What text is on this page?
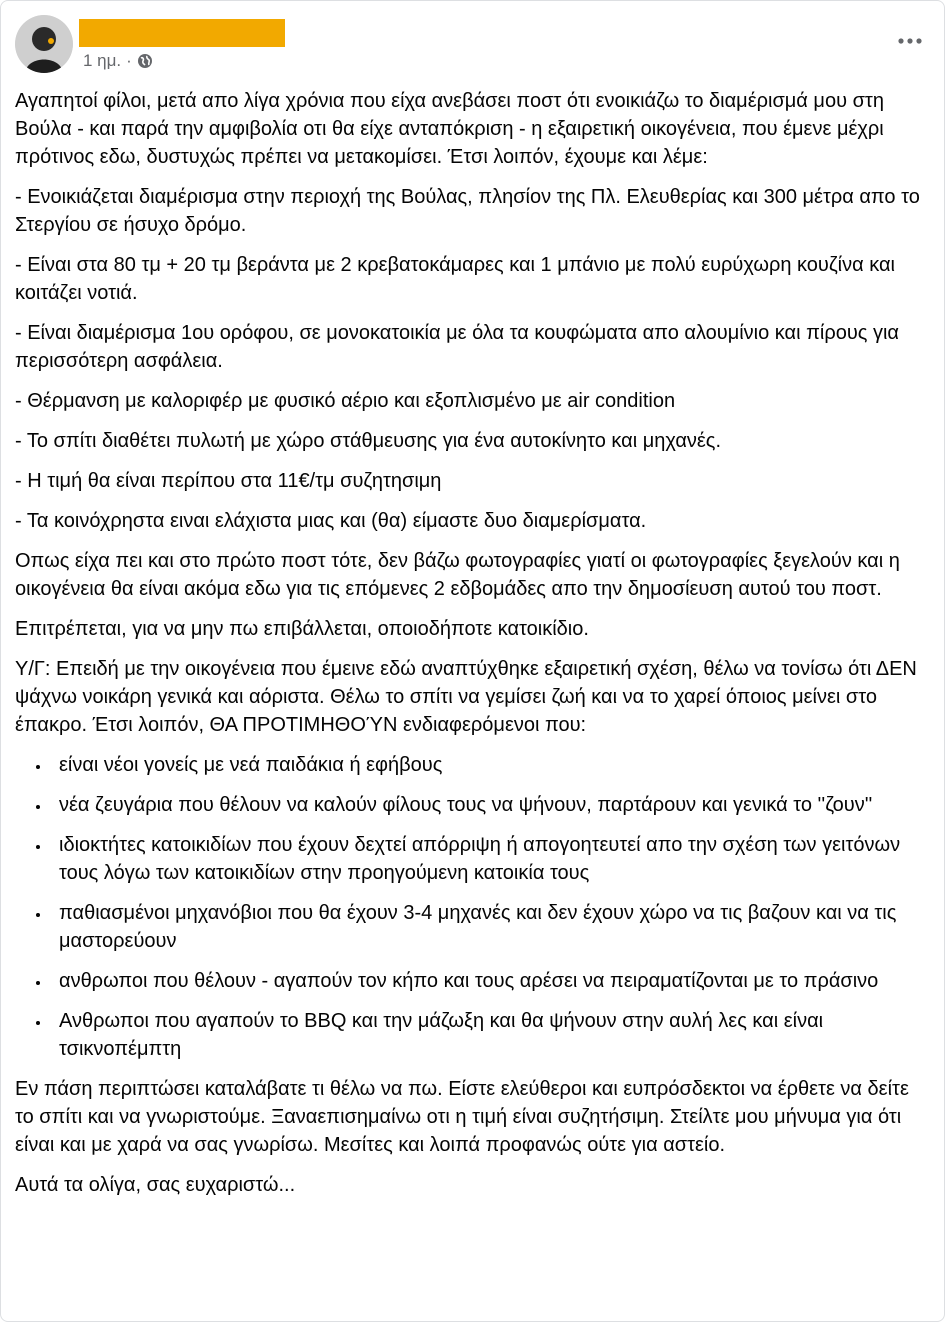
1 ημ. ·

Αγαπητοί φίλοι, μετά απο λίγα χρόνια που είχα ανεβάσει ποστ ότι ενοικιάζω το διαμέρισμά μου στη Βούλα - και παρά την αμφιβολία οτι θα είχε ανταπόκριση - η εξαιρετική οικογένεια, που έμενε μέχρι πρότινος εδω, δυστυχώς πρέπει να μετακομίσει. Έτσι λοιπόν, έχουμε και λέμε:

- Ενοικιάζεται διαμέρισμα στην περιοχή της Βούλας, πλησίον της Πλ. Ελευθερίας και 300 μέτρα απο το Στεργίου σε ήσυχο δρόμο.

- Είναι στα 80 τμ + 20 τμ βεράντα με 2 κρεβατοκάμαρες και 1 μπάνιο με πολύ ευρύχωρη κουζίνα και κοιτάζει νοτιά.

- Είναι διαμέρισμα 1ου ορόφου, σε μονοκατοικία με όλα τα κουφώματα απο αλουμίνιο και πίρους για περισσότερη ασφάλεια.

- Θέρμανση με καλοριφέρ με φυσικό αέριο και εξοπλισμένο με air condition

- Το σπίτι διαθέτει πυλωτή με χώρο στάθμευσης για ένα αυτοκίνητο και μηχανές.

- Η τιμή θα είναι περίπου στα 11€/τμ συζητησιμη

- Τα κοινόχρηστα ειναι ελάχιστα μιας και (θα) είμαστε δυο διαμερίσματα.

Οπως είχα πει και στο πρώτο ποστ τότε, δεν βάζω φωτογραφίες γιατί οι φωτογραφίες ξεγελούν και η οικογένεια θα είναι ακόμα εδω για τις επόμενες 2 εδβομάδες απο την δημοσίευση αυτού του ποστ.

Επιτρέπεται, για να μην πω επιβάλλεται, οποιοδήποτε κατοικίδιο.

Υ/Γ: Επειδή με την οικογένεια που έμεινε εδώ αναπτύχθηκε εξαιρετική σχέση, θέλω να τονίσω ότι ΔΕΝ ψάχνω νοικάρη γενικά και αόριστα. Θέλω το σπίτι να γεμίσει ζωή και να το χαρεί όποιος μείνει στο έπακρο. Έτσι λοιπόν, ΘΑ ΠΡΟΤΙΜΗΘΟΎΝ ενδιαφερόμενοι που:

• είναι νέοι γονείς με νεά παιδάκια ή εφήβους
• νέα ζευγάρια που θέλουν να καλούν φίλους τους να ψήνουν, παρτάρουν και γενικά το ''ζουν''
• ιδιοκτήτες κατοικιδίων που έχουν δεχτεί απόρριψη ή απογοητευτεί απο την σχέση των γειτόνων τους λόγω των κατοικιδίων στην προηγούμενη κατοικία τους
• παθιασμένοι μηχανόβιοι που θα έχουν 3-4 μηχανές και δεν έχουν χώρο να τις βαζουν και να τις μαστορεύουν
• ανθρωποι που θέλουν - αγαπούν τον κήπο και τους αρέσει να πειραματίζονται με το πράσινο
• Ανθρωποι που αγαπούν το BBQ και την μάζωξη και θα ψήνουν στην αυλή λες και είναι τσικνοπέμπτη

Εν πάση περιπτώσει καταλάβατε τι θέλω να πω. Είστε ελεύθεροι και ευπρόσδεκτοι να έρθετε να δείτε το σπίτι και να γνωριστούμε. Ξαναεπισημαίνω οτι η τιμή είναι συζητήσιμη. Στείλτε μου μήνυμα για ότι είναι και με χαρά να σας γνωρίσω. Μεσίτες και λοιπά προφανώς ούτε για αστείο.

Αυτά τα ολίγα, σας ευχαριστώ...
